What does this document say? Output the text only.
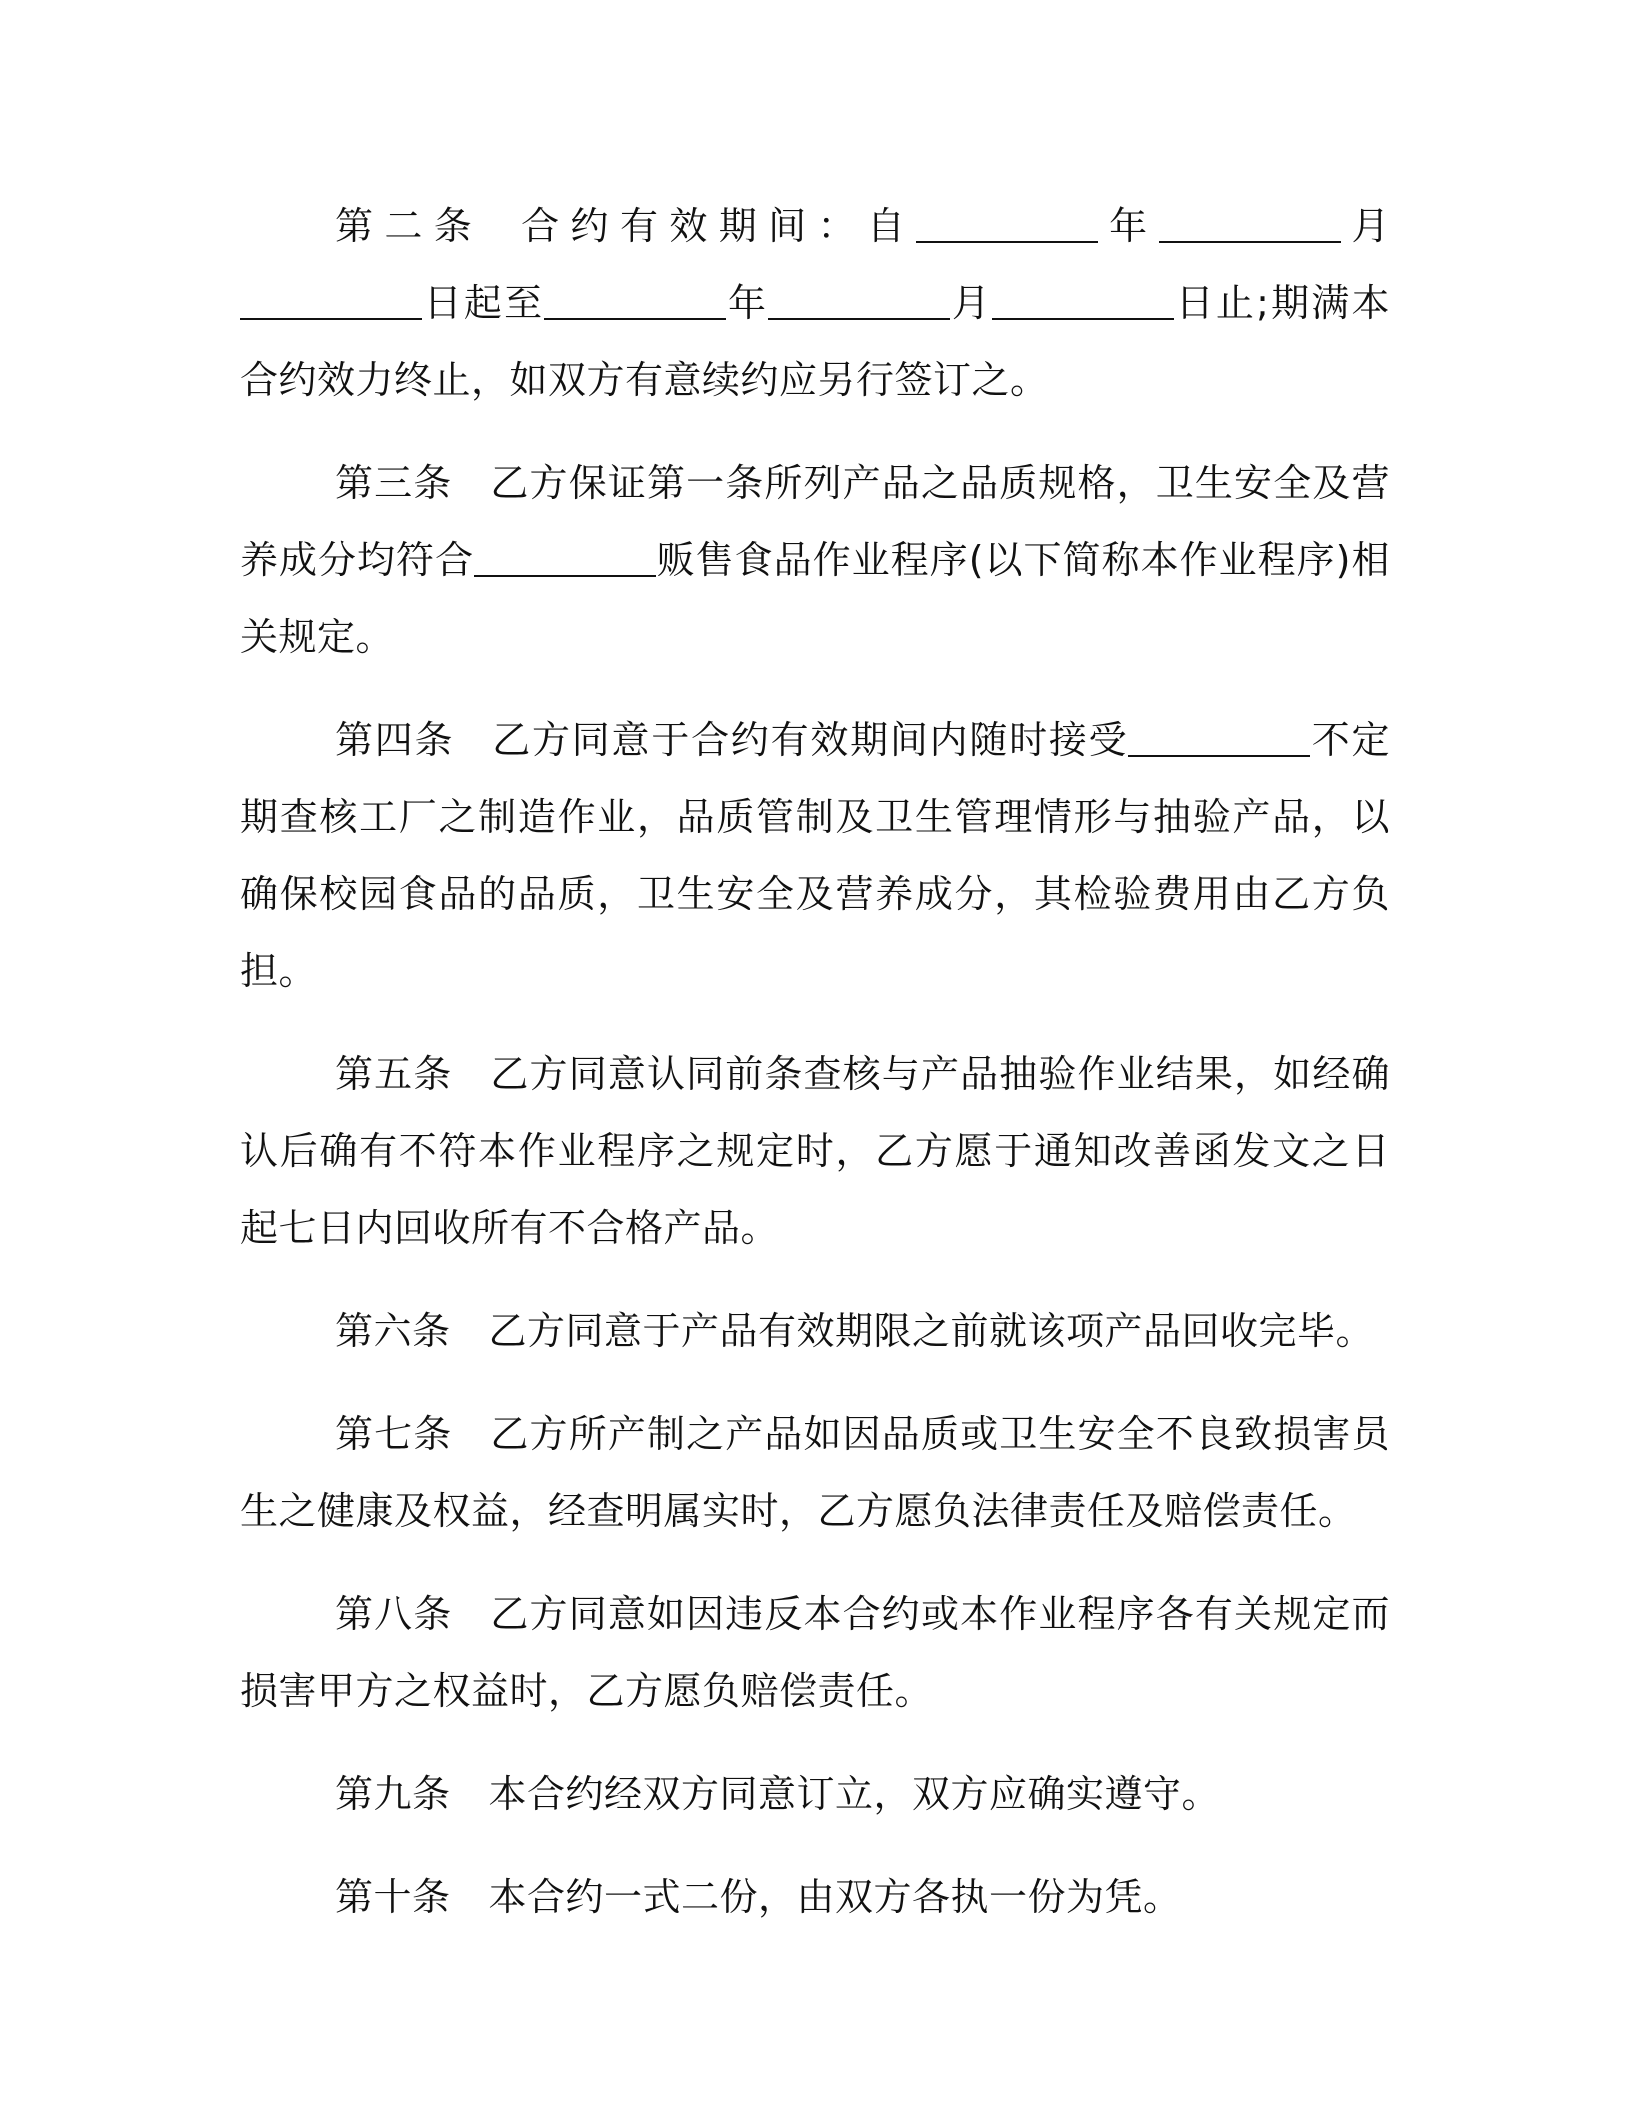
第二条 合约有效期间：自	年	月日起至	年	月	日止;期满本合约效力终止，如双方有意续约应另行签订之。

第三条 乙方保证第一条所列产品之品质规格，卫生安全及营养成分均符合	贩售食品作业程序(以下简称本作业程序)相关规定。

第四条 乙方同意于合约有效期间内随时接受	不定期查核工厂之制造作业，品质管制及卫生管理情形与抽验产品，以确保校园食品的品质，卫生安全及营养成分，其检验费用由乙方负担。

第五条 乙方同意认同前条查核与产品抽验作业结果，如经确认后确有不符本作业程序之规定时，乙方愿于通知改善函发文之日起七日内回收所有不合格产品。

第六条 乙方同意于产品有效期限之前就该项产品回收完毕。

第七条 乙方所产制之产品如因品质或卫生安全不良致损害员生之健康及权益，经查明属实时，乙方愿负法律责任及赔偿责任。

第八条 乙方同意如因违反本合约或本作业程序各有关规定而损害甲方之权益时，乙方愿负赔偿责任。

第九条 本合约经双方同意订立，双方应确实遵守。

第十条 本合约一式二份，由双方各执一份为凭。
